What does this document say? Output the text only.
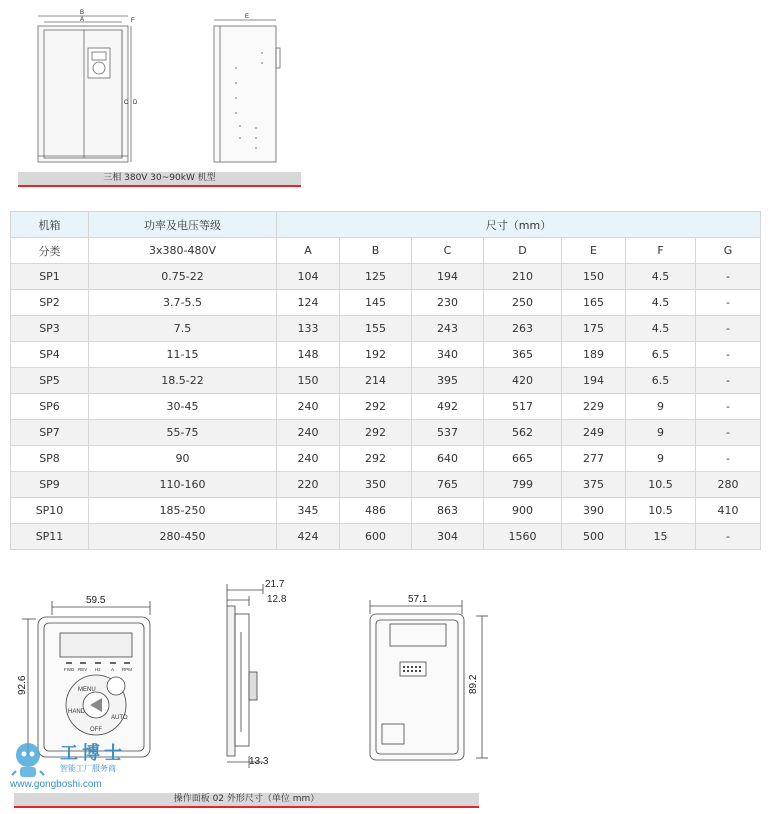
B
A	F
C D
E
三相 380V 30~90kW 机型
机箱	功率及电压等级	尺寸（mm）						
分类	3x380-480V	A	B	C	D	E	F	G
SP1	0.75-22	104	125	194	210	150	4.5	-
SP2	3.7-5.5	124	145	230	250	165	4.5	-
SP3	7.5	133	155	243	263	175	4.5	-
SP4	11-15	148	192	340	365	189	6.5	-
SP5	18.5-22	150	214	395	420	194	6.5	-
SP6	30-45	240	292	492	517	229	9	-
SP7	55-75	240	292	537	562	249	9	-
SP8	90	240	292	640	665	277	9	-
SP9	110-160	220	350	765	799	375	10.5	280
SP10	185-250	345	486	863	900	390	10.5	410
SP11	280-450	424	600	304	1560	500	15	-
FWD REV Hz A RPM
MENU
HAND
OFF
AUTO
59.5
92.6
21.7
12.8
13.3
57.1
89.2
工博士
智能工厂服务商
www.gongboshi.com
操作面板 02 外形尺寸（单位 mm）
